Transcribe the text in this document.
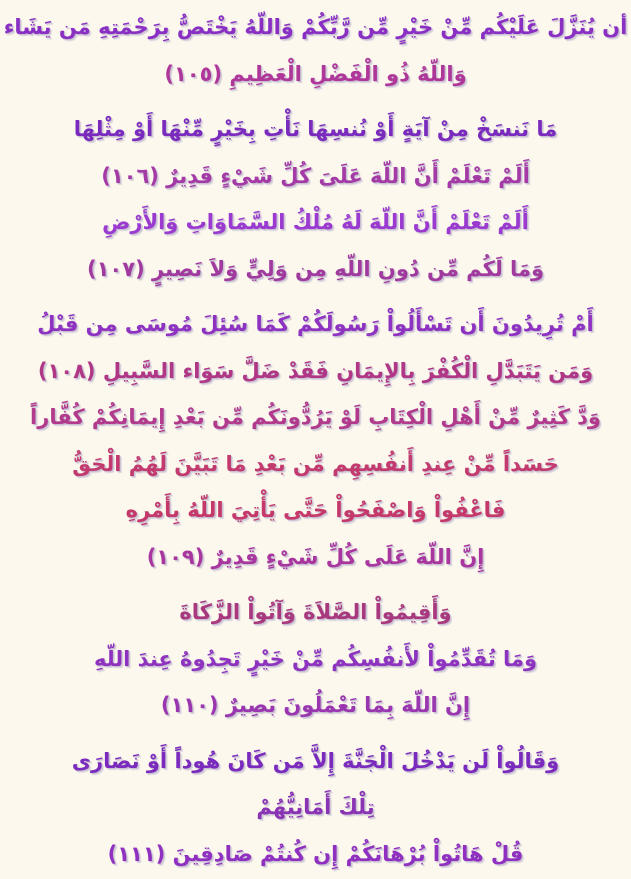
أن يُنَزَّلَ عَلَيْكُم مِّنْ خَيْرٍ مِّن رَّبِّكُمْ وَاللّهُ يَخْتَصُّ بِرَحْمَتِهِ مَن يَشَاء
وَاللّهُ ذُو الْفَضْلِ الْعَظِيمِ (١٠٥)
مَا نَنسَخْ مِنْ آيَةٍ أَوْ نُنسِهَا نَأْتِ بِخَيْرٍ مِّنْهَا أَوْ مِثْلِهَا
أَلَمْ تَعْلَمْ أَنَّ اللّهَ عَلَىَ كُلِّ شَيْءٍ قَدِيرٌ (١٠٦)
أَلَمْ تَعْلَمْ أَنَّ اللّهَ لَهُ مُلْكُ السَّمَاوَاتِ وَالأَرْضِ
وَمَا لَكُم مِّن دُونِ اللّهِ مِن وَلِيٍّ وَلاَ نَصِيرٍ (١٠٧)
أَمْ تُرِيدُونَ أَن تَسْأَلُواْ رَسُولَكُمْ كَمَا سُئِلَ مُوسَى مِن قَبْلُ
وَمَن يَتَبَدَّلِ الْكُفْرَ بِالإِيمَانِ فَقَدْ ضَلَّ سَوَاء السَّبِيلِ (١٠٨)
وَدَّ كَثِيرٌ مِّنْ أَهْلِ الْكِتَابِ لَوْ يَرُدُّونَكُم مِّن بَعْدِ إِيمَانِكُمْ كُفَّاراً
حَسَداً مِّنْ عِندِ أَنفُسِهِم مِّن بَعْدِ مَا تَبَيَّنَ لَهُمُ الْحَقُّ
فَاعْفُواْ وَاصْفَحُواْ حَتَّى يَأْتِيَ اللّهُ بِأَمْرِهِ
إِنَّ اللّهَ عَلَى كُلِّ شَيْءٍ قَدِيرٌ (١٠٩)
وَأَقِيمُواْ الصَّلاَةَ وَآتُواْ الزَّكَاةَ
وَمَا تُقَدِّمُواْ لأَنفُسِكُم مِّنْ خَيْرٍ تَجِدُوهُ عِندَ اللّهِ
إِنَّ اللّهَ بِمَا تَعْمَلُونَ بَصِيرٌ (١١٠)
وَقَالُواْ لَن يَدْخُلَ الْجَنَّةَ إِلاَّ مَن كَانَ هُوداً أَوْ نَصَارَى
تِلْكَ أَمَانِيُّهُمْ
قُلْ هَاتُواْ بُرْهَانَكُمْ إِن كُنتُمْ صَادِقِينَ (١١١)
